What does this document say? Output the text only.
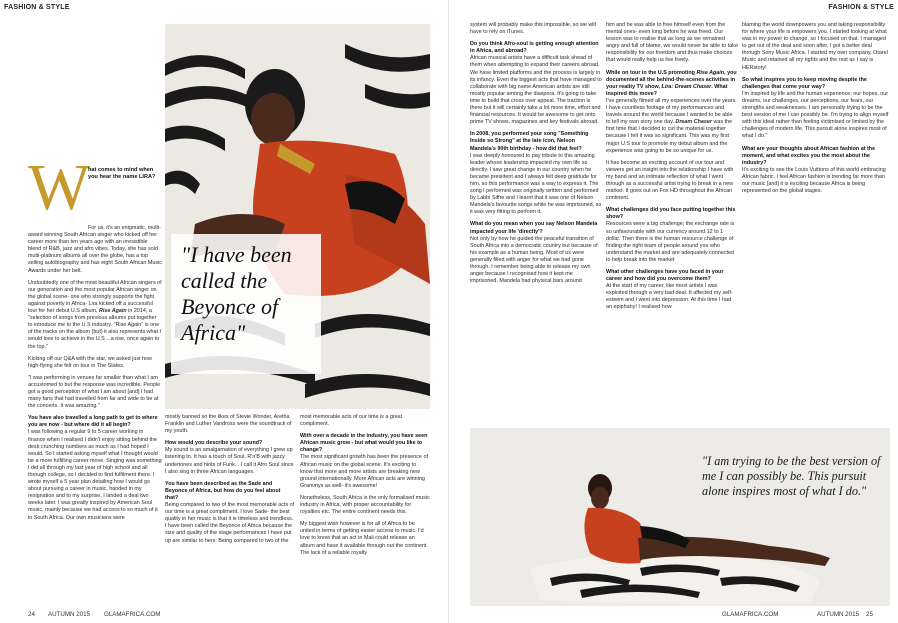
FASHION & STYLE	FASHION & STYLE
"I have been called the Beyonce of Africa"
W
hat comes to mind when you hear the name LIRA?

For us, it's an enigmatic, multi-award winning South African singer who kicked off her career more than ten years ago with an irresistible blend of R&B, jazz and afro vibes. Today, she has sold multi-platinum albums all over the globe, has a top selling autobiography and has eight South African Music Awards under her belt.

Undoubtedly one of the most beautiful African singers of our generation and the most popular African singer on the global scene- one who strongly supports the fight against poverty in Africa- Lira kicked off a successful tour for her debut U.S album, Rise Again in 2014, a "selection of songs from previous albums put together to introduce me to the U.S industry. "Rise Again" is one of the tracks on the album (but) it also represents what I would love to achieve in the U.S ...a rise, once again to the top."

Kicking off our Q&A with the star, we asked just how high-flying she felt on tour in The States.

"I was performing in venues far smaller than what I am accustomed to but the response was incredible. People got a good perception of what I am about [and] I had many fans that had travelled from far and wide to be at the concerts. It was amazing."

You have also travelled a long path to get to where you are now - but where did it all begin?

I was following a regular 9 to 5 career working in finance when I realised I didn't enjoy sitting behind the desk crunching numbers as much as I had hoped I would. So I started asking myself what I thought would be a more fulfilling career move. Singing was something I did all through my last year of high school and all through college, so I decided to find fulfilment there. I wrote myself a 5 year plan detailing how I would go about pursuing a career in music, handed in my resignation and to my surprise, I landed a deal two weeks later. I was greatly inspired by American Soul music, mainly because we had access to so much of it in South Africa. Our own musicians were

mostly banned so the likes of Stevie Wonder, Aretha Franklin and Luther Vandross were the soundtrack of my youth.

How would you describe your sound?

My sound is an amalgamation of everything I grew up listening to. It has a touch of Soul, R'n'B with jazzy undertones and hints of Funk... I call it Afro Soul since I also sing in three African languages.

You have been described as the Sade and Beyonce of Africa, but how do you feel about that?

Being compared to two of the most memorable acts of our time is a great compliment. I love Sade- the best quality in her music is that it is timeless and trendless. I have been called the Beyonce of Africa because the size and quality of the stage performances I have put up are similar to hers. Being compared to two of the

most memorable acts of our time is a great compliment.

With over a decade in the industry, you have seen African music grow - but what would you like to change?

The most significant growth has been the presence of African music on the global scene. It's exciting to know that more and more artists are breaking new ground internationally. More African acts are winning Grammys as well- it's awesome!

Nonetheless, South Africa is the only formalised music industry in Africa, with proper accountability for royalties etc. The entire continent needs this.

My biggest wish however is for all of Africa to be united in terms of getting easier access to music. I'd love to know that an act in Mali could release an album and have it available through out the continent. The lack of a reliable royalty

system will probably make this impossible, so we will have to rely on iTunes.

Do you think Afro-soul is getting enough attention in Africa, and abroad?

African musical artists have a difficult task ahead of them when attempting to expand their careers abroad. We have limited platforms and the process is largely in its infancy. Even the biggest acts that have managed to collaborate with big name American artists are still mostly popular among the diaspora. It's going to take time to build that cross over appeal. The traction is there but it will certainly take a lot more time, effort and financial resources. It would be awesome to get onto prime TV shows, magazines and key festivals abroad.

In 2008, you performed your song "Something Inside so Strong" at the late icon, Nelson Mandela's 90th birthday - how did that feel?

I was deeply honoured to pay tribute to this amazing leader whose leadership impacted my own life so directly. I saw great change in our country when he became president and I always felt deep gratitude for him, so this performance was a way to express it. The song I performed was originally written and performed by Labbi Siffre and I learnt that it was one of Nelson Mandela's favourite songs while he was imprisoned, so it was very fitting to perform it.

What do you mean when you say Nelson Mandela impacted your life 'directly'?

Not only by how he guided the peaceful transition of South Africa into a democratic country but because of his example as a human being. Most of us were generally filled with anger for what we had gone through. I remember being able to release my own anger because I recognised how it kept me imprisoned. Mandela had physical bars around

him and he was able to free himself even from the mental ones- even long before he was freed. Our lesson was to realise that as long as we remained angry and full of blame, we would never be able to take responsibility for our freedom and thus make choices that would really help us live freely.

While on tour in the U.S promoting Rise Again, you documented all the behind-the-scenes activities in your reality TV show, Lira: Dream Chaser. What inspired this move?

I've generally filmed all my experiences over the years. I have countless footage of my performances and travels around the world because I wanted to be able to tell my own story one day. Dream Chaser was the first time that I decided to cut the material together because I felt it was so significant. This was my first major U.S tour to promote my debut album and the experience was going to be so unique for us.

It has become an exciting account of our tour and viewers get an insight into the relationship I have with my band and an intimate reflection of what I went through as a successful artist trying to break in a new market. It goes out on Fox HD throughout the African continent.

What challenges did you face putting together this show?

Resources were a big challenge; the exchange rate is so unfavourable with our currency around 12 to 1 dollar. Then there is the human resource challenge of finding the right team of people around you who understand the market and are adequately connected to help break into the market

What other challenges have you faced in your career and how did you overcome them?

At the start of my career, like most artists I was exploited through a very bad deal. It affected my self-esteem and I went into depression. At this time I had an epiphany! I realised how

blaming the world downpowers you and taking responsibility for where your life is empowers you. I started looking at what was in my power to change, so I focused on that. I managed to get out of the deal and soon after, I got a better deal through Sony Music Africa. I started my own company, Otarel Music and retained all my rights and the rest as I say is HERstory!

So what inspires you to keep moving despite the challenges that come your way?

I'm inspired by life and the human experience; our hopes, our dreams, our challenges, our perceptions, our fears, our strengths and weaknesses. I am personally trying to be the best version of me I can possibly be. I'm trying to align myself with this ideal rather than feeling victimised or limited by the challenges of modern life. This pursuit alone inspires most of what I do."

What are your thoughts about African fashion at the moment, and what excites you the most about the industry?

It's exciting to see the Louis Vuittons of this world embracing African fabric. I feel African fashion is trending far more than our music [and] it is exciting because Africa is being represented on the global stages.

"I am trying to be the best version of me I can possibly be. This pursuit alone inspires most of what I do."
24 AUTUMN 2015 GLAMAFRICA.COM	GLAMAFRICA.COM	AUTUMN 2015 25
